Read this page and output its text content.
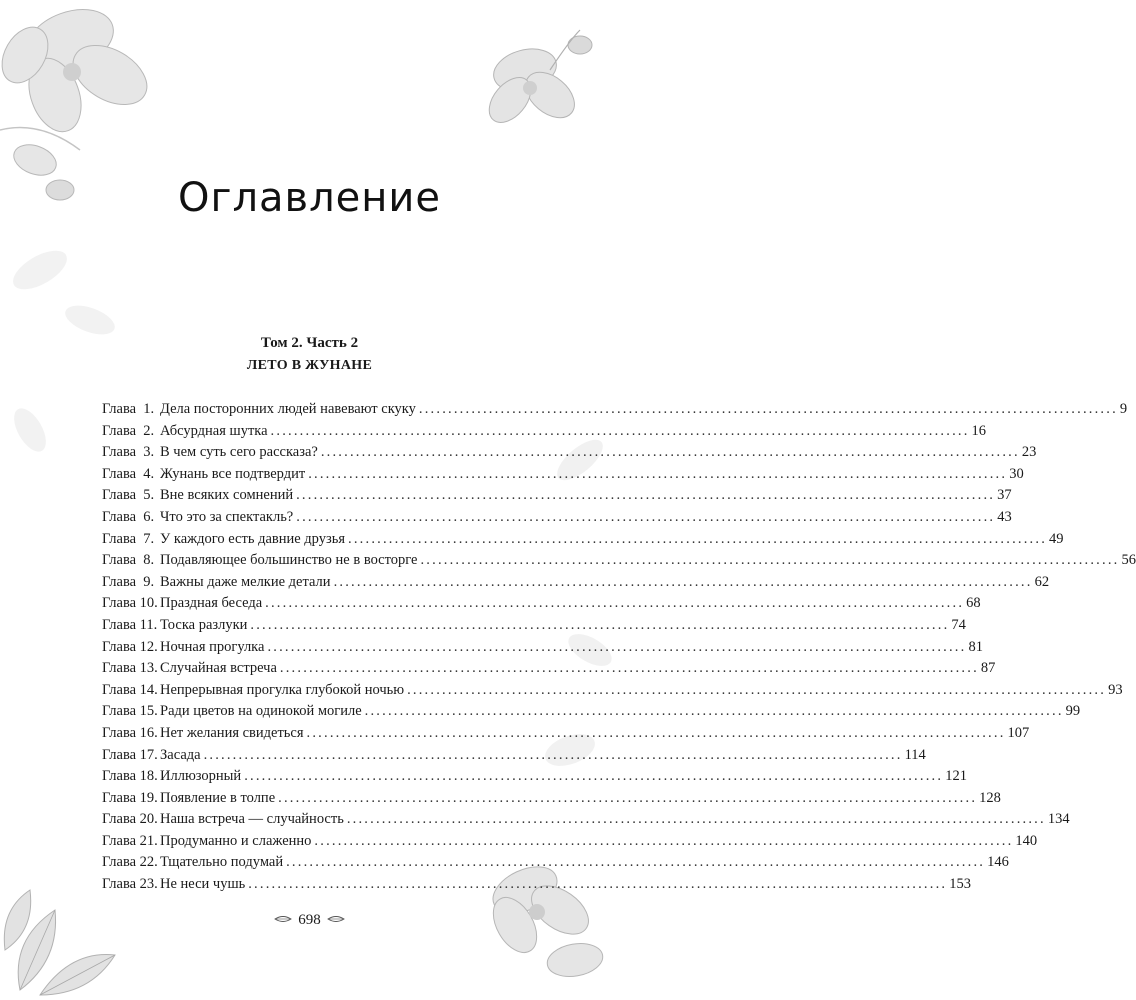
Оглавление
Том 2. Часть 2
ЛЕТО В ЖУНАНЕ
Глава  1. Дела посторонних людей навевают скуку ........................................................................................................................ 9
Глава  2. Абсурдная шутка ........................................................................................................................ 16
Глава  3. В чем суть сего рассказа? ........................................................................................................................ 23
Глава  4. Жунань все подтвердит ........................................................................................................................ 30
Глава  5. Вне всяких сомнений ........................................................................................................................ 37
Глава  6. Что это за спектакль? ........................................................................................................................ 43
Глава  7. У каждого есть давние друзья ........................................................................................................................ 49
Глава  8. Подавляющее большинство не в восторге ........................................................................................................................ 56
Глава  9. Важны даже мелкие детали ........................................................................................................................ 62
Глава 10. Праздная беседа ........................................................................................................................ 68
Глава 11. Тоска разлуки ........................................................................................................................ 74
Глава 12. Ночная прогулка ........................................................................................................................ 81
Глава 13. Случайная встреча ........................................................................................................................ 87
Глава 14. Непрерывная прогулка глубокой ночью ........................................................................................................................ 93
Глава 15. Ради цветов на одинокой могиле ........................................................................................................................ 99
Глава 16. Нет желания свидеться ........................................................................................................................ 107
Глава 17. Засада ........................................................................................................................ 114
Глава 18. Иллюзорный ........................................................................................................................ 121
Глава 19. Появление в толпе ........................................................................................................................ 128
Глава 20. Наша встреча — случайность ........................................................................................................................ 134
Глава 21. Продуманно и слаженно ........................................................................................................................ 140
Глава 22. Тщательно подумай ........................................................................................................................ 146
Глава 23. Не неси чушь ........................................................................................................................ 153
698
